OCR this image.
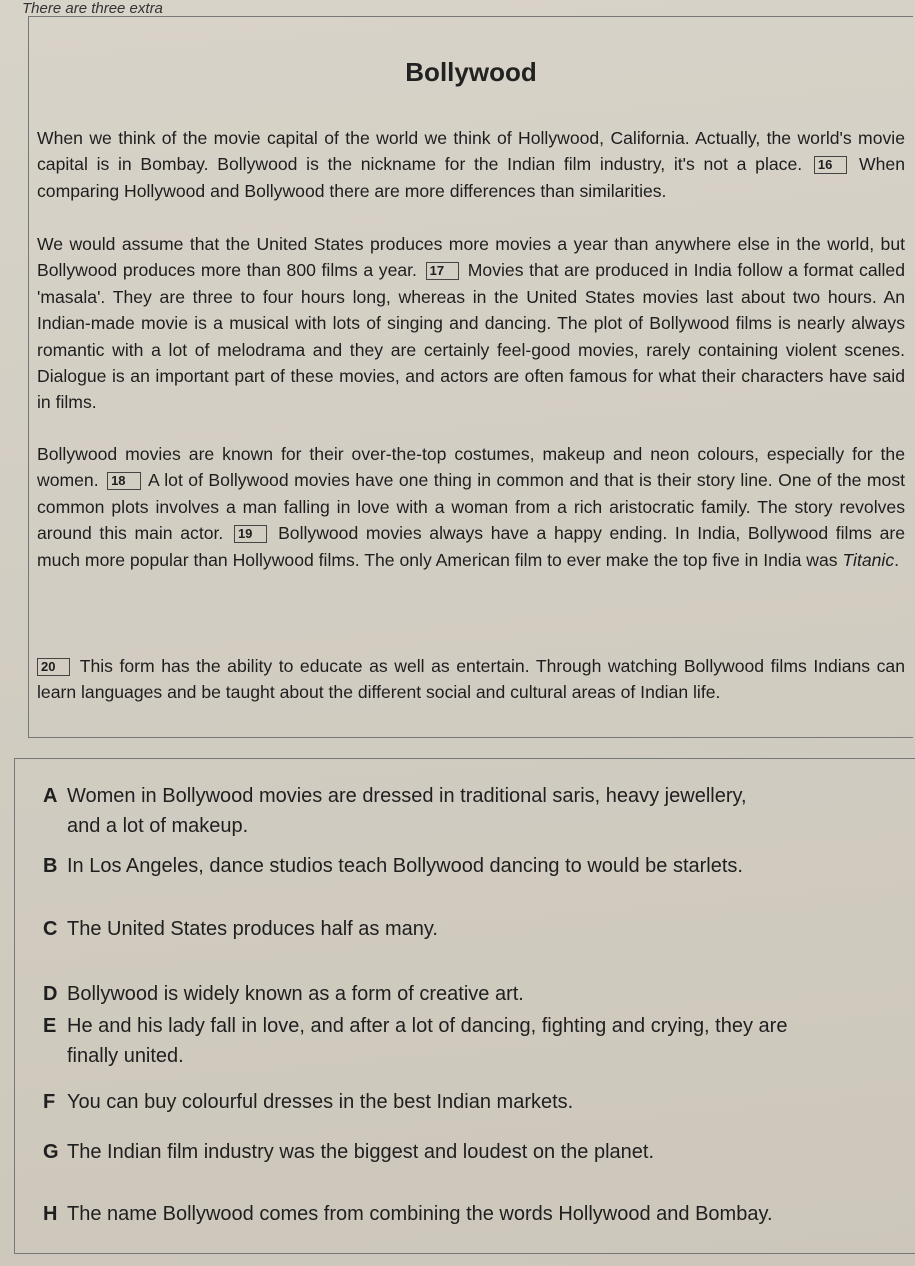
There are three extra
Bollywood
When we think of the movie capital of the world we think of Hollywood, California. Actually, the world's movie capital is in Bombay. Bollywood is the nickname for the Indian film industry, it's not a place. 16 When comparing Hollywood and Bollywood there are more differences than similarities.
We would assume that the United States produces more movies a year than anywhere else in the world, but Bollywood produces more than 800 films a year. 17 Movies that are produced in India follow a format called 'masala'. They are three to four hours long, whereas in the United States movies last about two hours. An Indian-made movie is a musical with lots of singing and dancing. The plot of Bollywood films is nearly always romantic with a lot of melodrama and they are certainly feel-good movies, rarely containing violent scenes. Dialogue is an important part of these movies, and actors are often famous for what their characters have said in films.
Bollywood movies are known for their over-the-top costumes, makeup and neon colours, especially for the women. 18 A lot of Bollywood movies have one thing in common and that is their story line. One of the most common plots involves a man falling in love with a woman from a rich aristocratic family. The story revolves around this main actor. 19 Bollywood movies always have a happy ending. In India, Bollywood films are much more popular than Hollywood films. The only American film to ever make the top five in India was Titanic.
20 This form has the ability to educate as well as entertain. Through watching Bollywood films Indians can learn languages and be taught about the different social and cultural areas of Indian life.
A Women in Bollywood movies are dressed in traditional saris, heavy jewellery,
and a lot of makeup.
B In Los Angeles, dance studios teach Bollywood dancing to would be starlets.
C The United States produces half as many.
D Bollywood is widely known as a form of creative art.
E He and his lady fall in love, and after a lot of dancing, fighting and crying, they are
finally united.
F You can buy colourful dresses in the best Indian markets.
G The Indian film industry was the biggest and loudest on the planet.
H The name Bollywood comes from combining the words Hollywood and Bombay.
